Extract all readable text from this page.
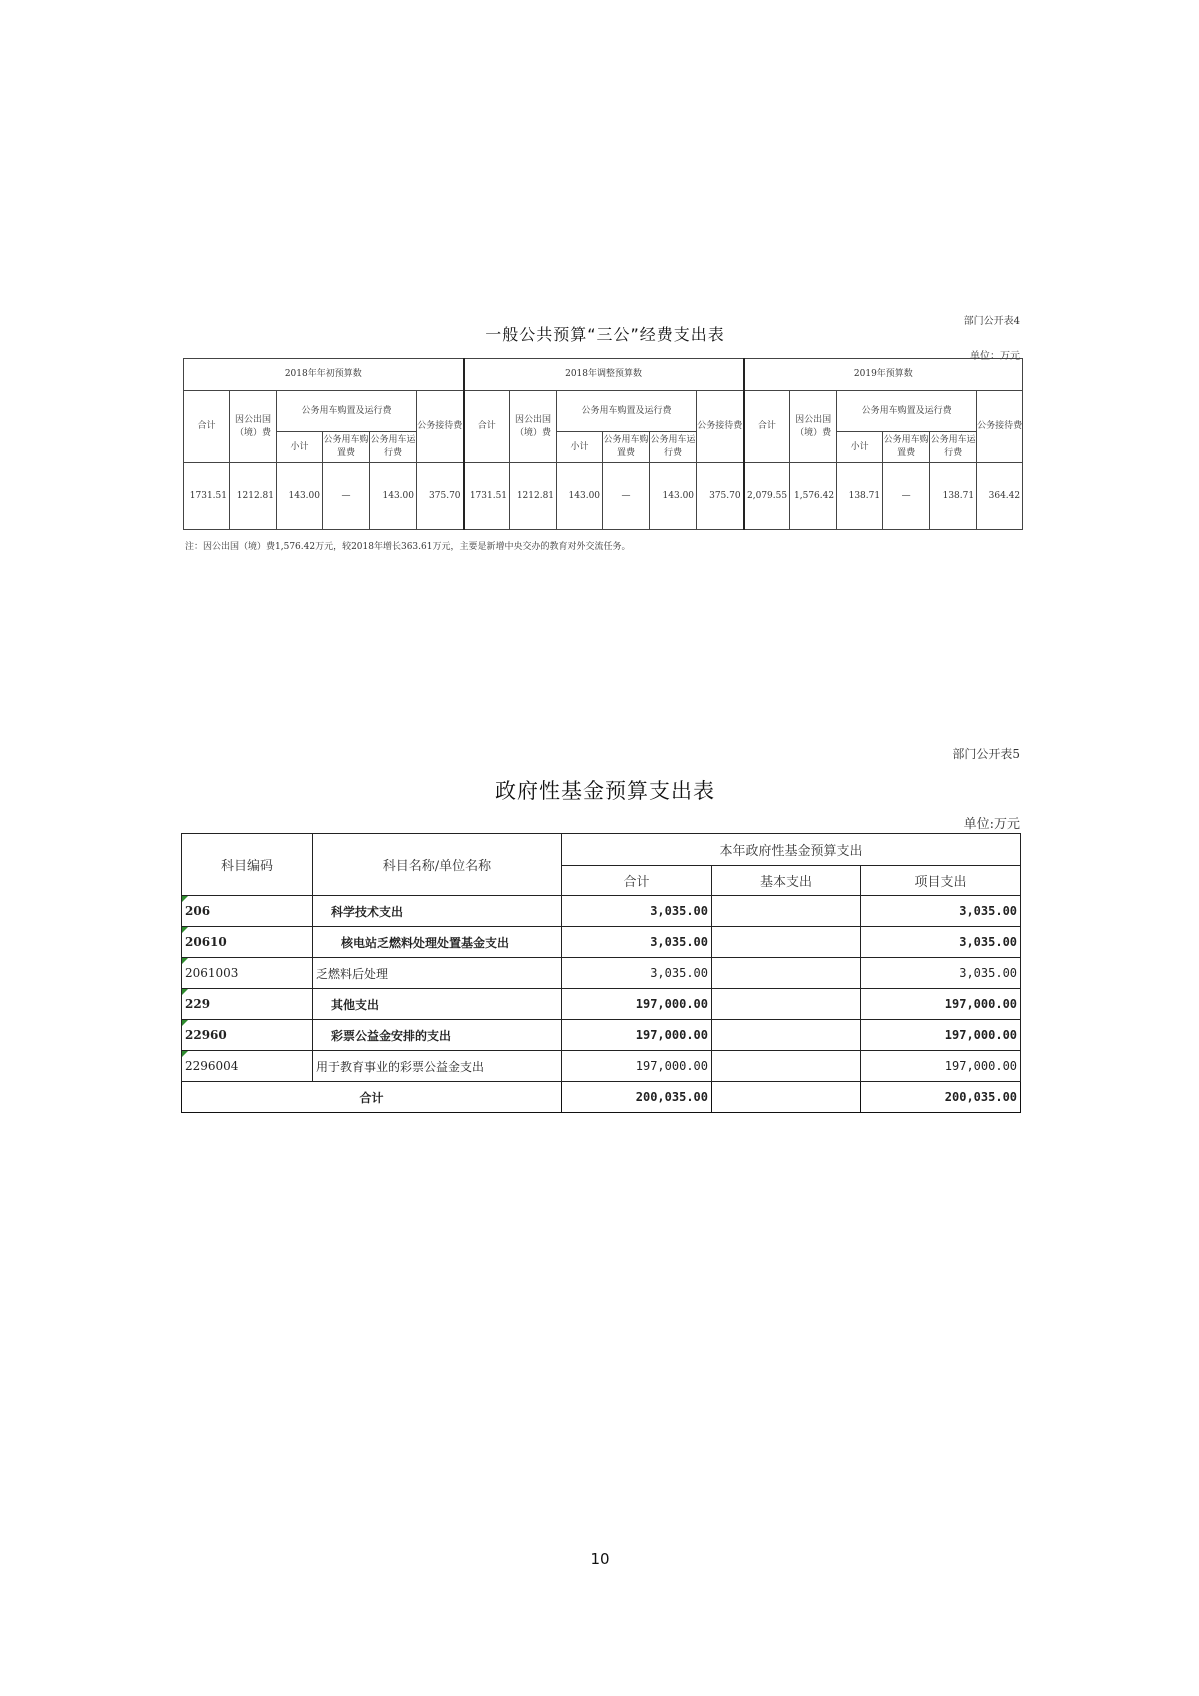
部门公开表4
一般公共预算“三公”经费支出表
单位：万元
2018年年初预算数						2018年调整预算数						2019年预算数					
合计	因公出国（境）费	公务用车购置及运行费			公务接待费	合计	因公出国（境）费	公务用车购置及运行费			公务接待费	合计	因公出国（境）费	公务用车购置及运行费			公务接待费
		小计	公务用车购置费	公务用车运行费				小计	公务用车购置费	公务用车运行费				小计	公务用车购置费	公务用车运行费	
1731.51	1212.81	143.00	—	143.00	375.70	1731.51	1212.81	143.00	—	143.00	375.70	2,079.55	1,576.42	138.71	—	138.71	364.42
注：因公出国（境）费1,576.42万元，较2018年增长363.61万元，主要是新增中央交办的教育对外交流任务。
部门公开表5
政府性基金预算支出表
单位:万元
科目编码	科目名称/单位名称	本年政府性基金预算支出		
		合计	基本支出	项目支出

206	科学技术支出	3,035.00		3,035.00

20610	核电站乏燃料处理处置基金支出	3,035.00		3,035.00

2061003	乏燃料后处理	3,035.00		3,035.00

229	其他支出	197,000.00		197,000.00

22960	彩票公益金安排的支出	197,000.00		197,000.00

2296004	用于教育事业的彩票公益金支出	197,000.00		197,000.00
合计		200,035.00		200,035.00
10
